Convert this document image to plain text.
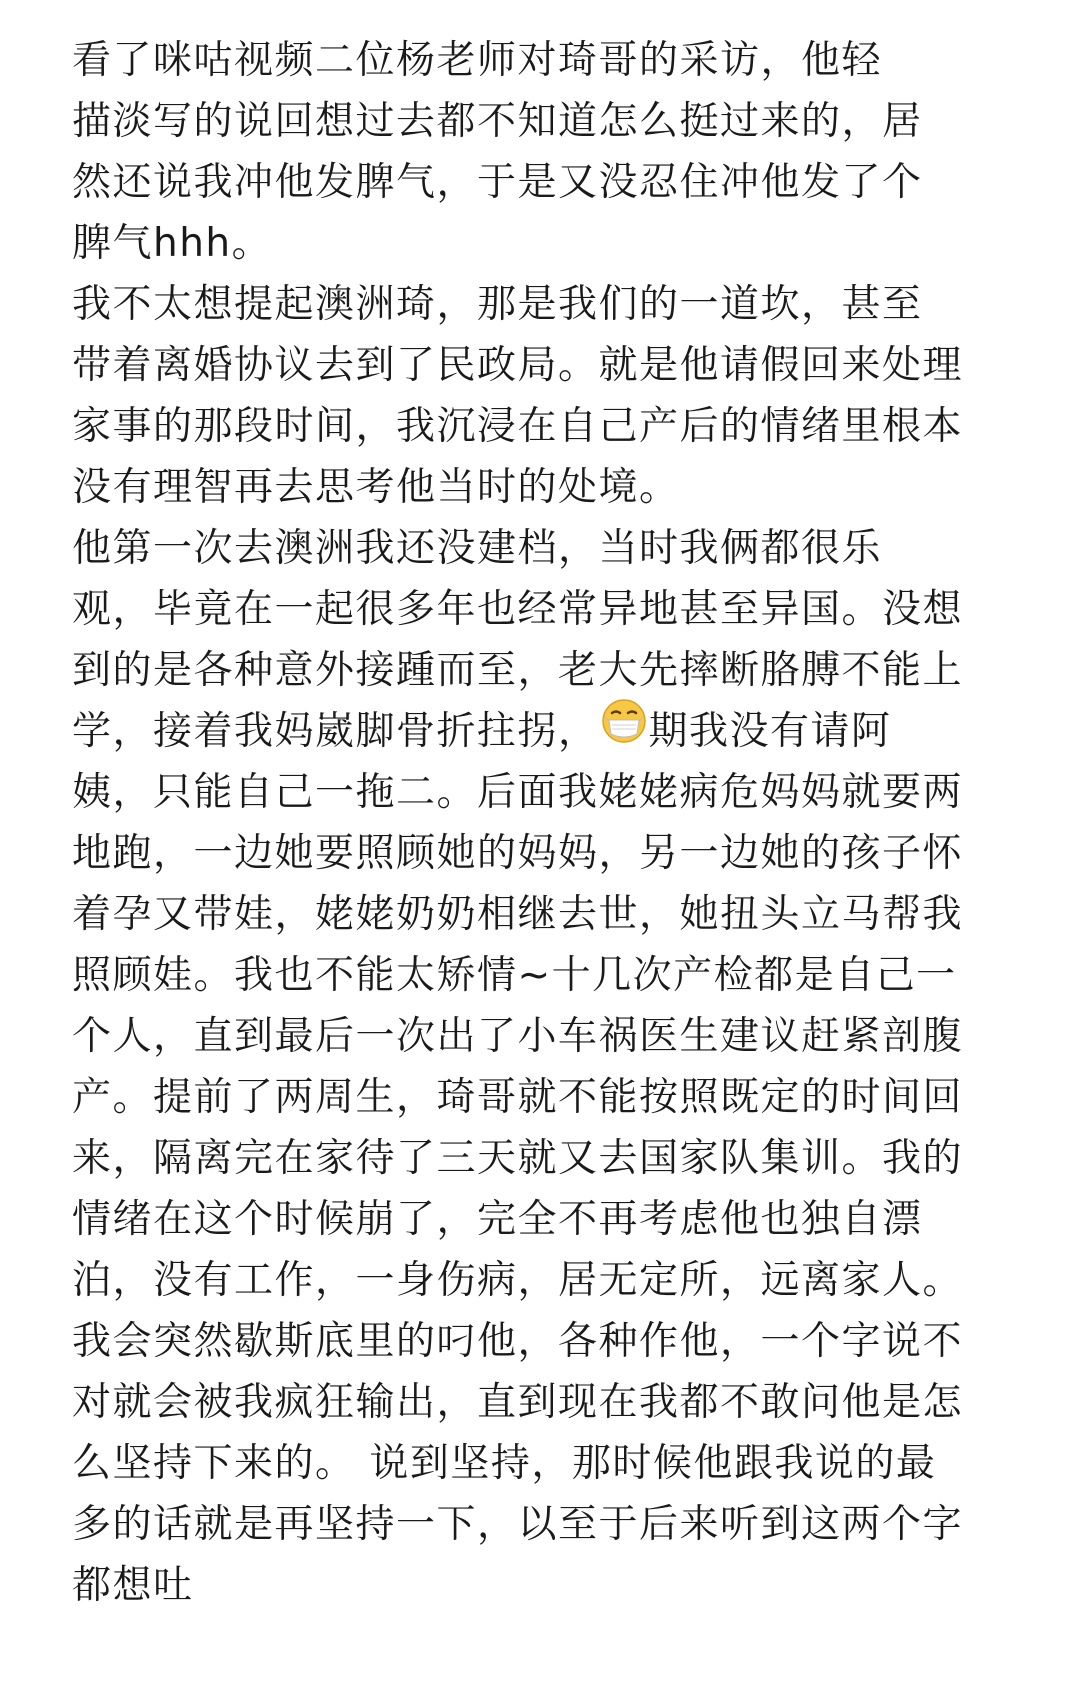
看了咪咕视频二位杨老师对琦哥的采访，他轻
描淡写的说回想过去都不知道怎么挺过来的，居
然还说我冲他发脾气，于是又没忍住冲他发了个
脾气hhh。
我不太想提起澳洲琦，那是我们的一道坎，甚至
带着离婚协议去到了民政局。就是他请假回来处理
家事的那段时间，我沉浸在自己产后的情绪里根本
没有理智再去思考他当时的处境。
他第一次去澳洲我还没建档，当时我俩都很乐
观，毕竟在一起很多年也经常异地甚至异国。没想
到的是各种意外接踵而至，老大先摔断胳膊不能上
学，接着我妈崴脚骨折拄拐， 期我没有请阿
姨，只能自己一拖二。后面我姥姥病危妈妈就要两
地跑，一边她要照顾她的妈妈，另一边她的孩子怀
着孕又带娃，姥姥奶奶相继去世，她扭头立马帮我
照顾娃。我也不能太矫情~十几次产检都是自己一
个人，直到最后一次出了小车祸医生建议赶紧剖腹
产。提前了两周生，琦哥就不能按照既定的时间回
来，隔离完在家待了三天就又去国家队集训。我的
情绪在这个时候崩了，完全不再考虑他也独自漂
泊，没有工作，一身伤病，居无定所，远离家人。
我会突然歇斯底里的叼他，各种作他，一个字说不
对就会被我疯狂输出，直到现在我都不敢问他是怎
么坚持下来的。 说到坚持，那时候他跟我说的最
多的话就是再坚持一下，以至于后来听到这两个字
都想吐
